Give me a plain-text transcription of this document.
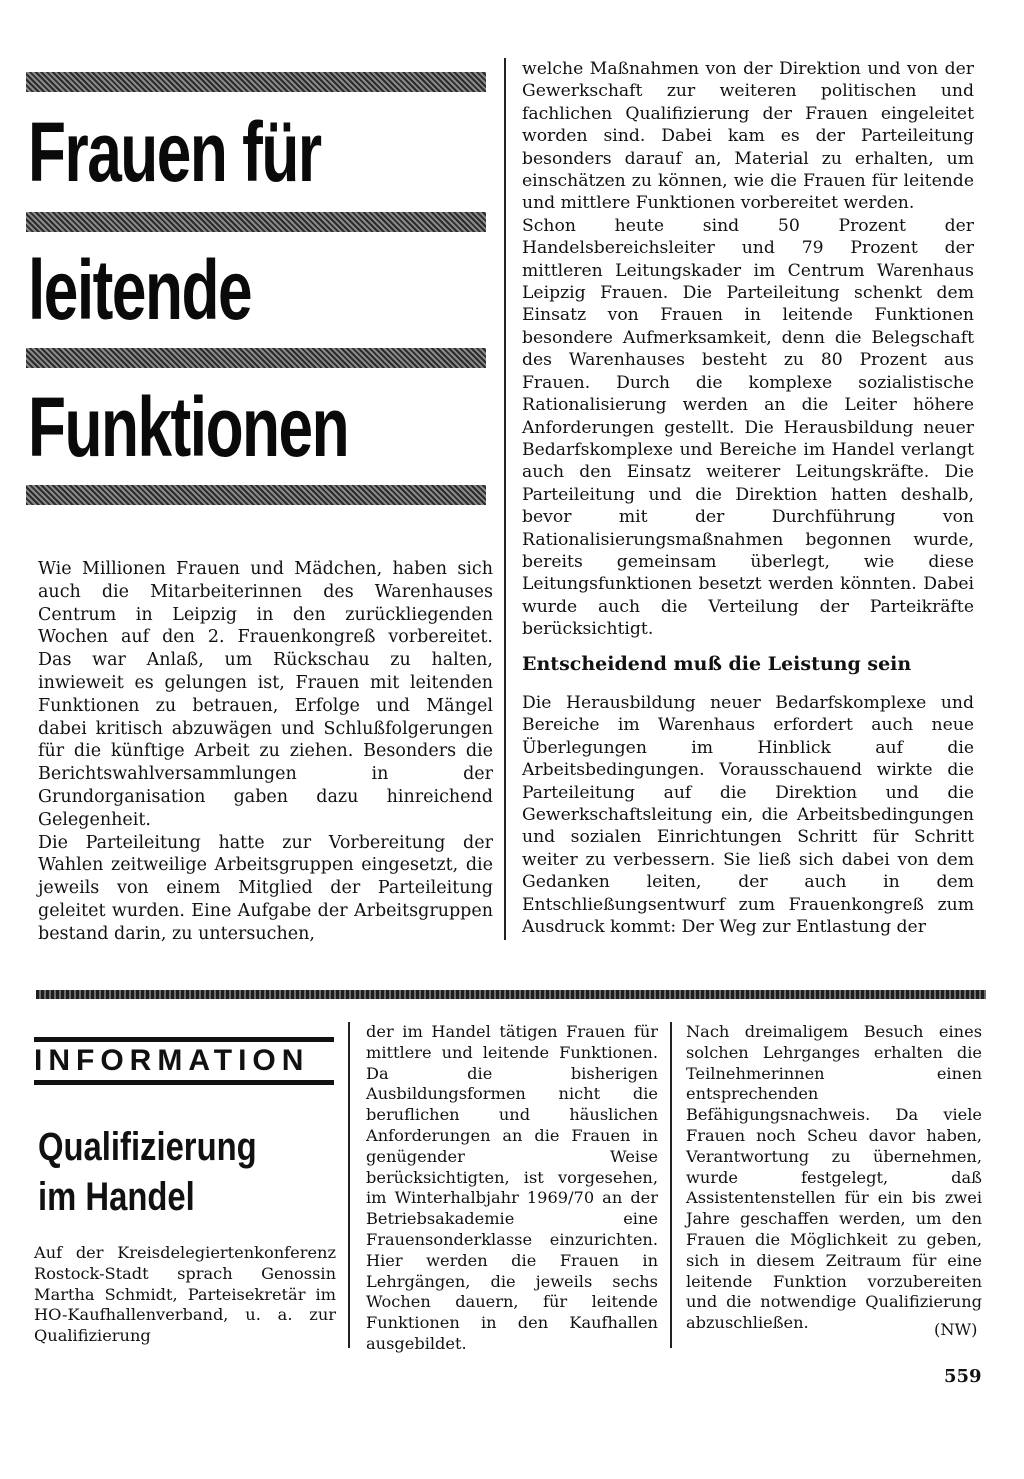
Frauen für
leitende
Funktionen

Wie Millionen Frauen und Mädchen, haben sich auch die Mitarbeiterinnen des Warenhauses Centrum in Leipzig in den zurückliegenden Wochen auf den 2. Frauenkongreß vorbereitet. Das war Anlaß, um Rückschau zu halten, inwieweit es gelungen ist, Frauen mit leitenden Funktionen zu betrauen, Erfolge und Mängel dabei kritisch abzuwägen und Schlußfolgerungen für die künftige Arbeit zu ziehen. Besonders die Berichtswahlversammlungen in der Grundorganisation gaben dazu hinreichend Gelegenheit.

Die Parteileitung hatte zur Vorbereitung der Wahlen zeitweilige Arbeitsgruppen eingesetzt, die jeweils von einem Mitglied der Parteileitung geleitet wurden. Eine Aufgabe der Arbeitsgruppen bestand darin, zu untersuchen,

welche Maßnahmen von der Direktion und von der Gewerkschaft zur weiteren politischen und fachlichen Qualifizierung der Frauen eingeleitet worden sind. Dabei kam es der Parteileitung besonders darauf an, Material zu erhalten, um einschätzen zu können, wie die Frauen für leitende und mittlere Funktionen vorbereitet werden.

Schon heute sind 50 Prozent der Handelsbereichsleiter und 79 Prozent der mittleren Leitungskader im Centrum Warenhaus Leipzig Frauen. Die Parteileitung schenkt dem Einsatz von Frauen in leitende Funktionen besondere Aufmerksamkeit, denn die Belegschaft des Warenhauses besteht zu 80 Prozent aus Frauen. Durch die komplexe sozialistische Rationalisierung werden an die Leiter höhere Anforderungen gestellt. Die Herausbildung neuer Bedarfskomplexe und Bereiche im Handel verlangt auch den Einsatz weiterer Leitungskräfte. Die Parteileitung und die Direktion hatten deshalb, bevor mit der Durchführung von Rationalisierungsmaßnahmen begonnen wurde, bereits gemeinsam überlegt, wie diese Leitungsfunktionen besetzt werden könnten. Dabei wurde auch die Verteilung der Parteikräfte berücksichtigt.

Entscheidend muß die Leistung sein

Die Herausbildung neuer Bedarfskomplexe und Bereiche im Warenhaus erfordert auch neue Überlegungen im Hinblick auf die Arbeitsbedingungen. Vorausschauend wirkte die Parteileitung auf die Direktion und die Gewerkschaftsleitung ein, die Arbeitsbedingungen und sozialen Einrichtungen Schritt für Schritt weiter zu verbessern. Sie ließ sich dabei von dem Gedanken leiten, der auch in dem Entschließungsentwurf zum Frauenkongreß zum Ausdruck kommt: Der Weg zur Entlastung der

INFORMATION
Qualifizierung
im Handel

Auf der Kreisdelegiertenkonferenz Rostock-Stadt sprach Genossin Martha Schmidt, Parteisekretär im HO-Kaufhallenverband, u. a. zur Qualifizierung

der im Handel tätigen Frauen für mittlere und leitende Funktionen. Da die bisherigen Ausbildungsformen nicht die beruflichen und häuslichen Anforderungen an die Frauen in genügender Weise berücksichtigten, ist vorgesehen, im Winterhalbjahr 1969/70 an der Betriebsakademie eine Frauensonderklasse einzurichten. Hier werden die Frauen in Lehrgängen, die jeweils sechs Wochen dauern, für leitende Funktionen in den Kaufhallen ausgebildet.

Nach dreimaligem Besuch eines solchen Lehrganges erhalten die Teilnehmerinnen einen entsprechenden Befähigungsnachweis. Da viele Frauen noch Scheu davor haben, Verantwortung zu übernehmen, wurde festgelegt, daß Assistentenstellen für ein bis zwei Jahre geschaffen werden, um den Frauen die Möglichkeit zu geben, sich in diesem Zeitraum für eine leitende Funktion vorzubereiten und die notwendige Qualifizierung abzuschließen.	(NW)
559
